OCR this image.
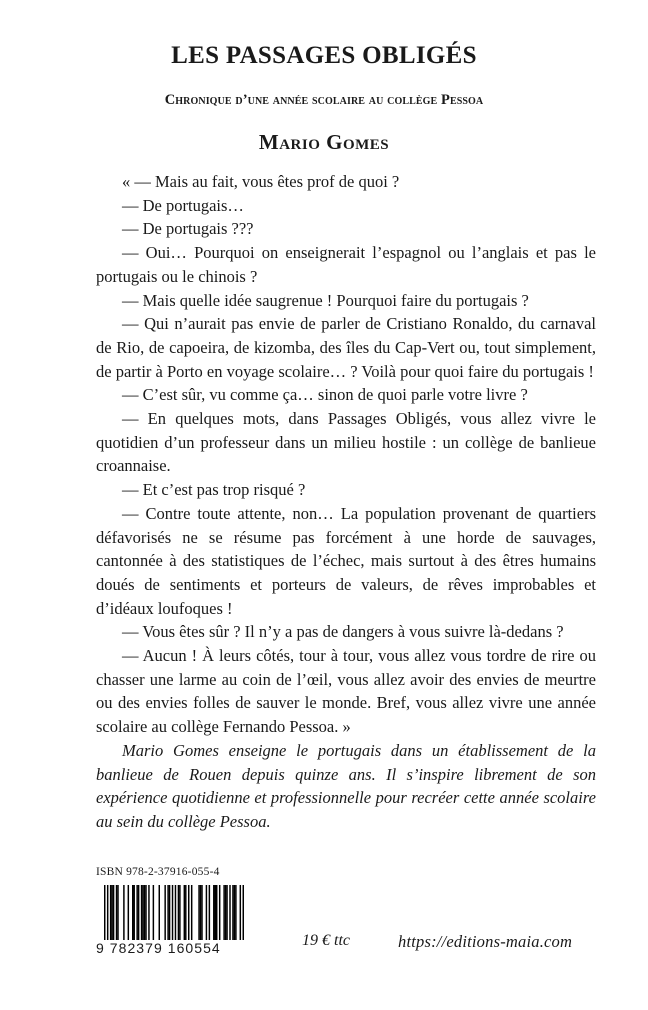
LES PASSAGES OBLIGÉS
Chronique d’une année scolaire au collège Pessoa
Mario Gomes

« — Mais au fait, vous êtes prof de quoi ?

— De portugais…

— De portugais ???

— Oui… Pourquoi on enseignerait l’espagnol ou l’anglais et pas le portugais ou le chinois ?

— Mais quelle idée saugrenue ! Pourquoi faire du portugais ?

— Qui n’aurait pas envie de parler de Cristiano Ronaldo, du carnaval de Rio, de capoeira, de kizomba, des îles du Cap-Vert ou, tout simplement, de partir à Porto en voyage scolaire… ? Voilà pour quoi faire du portugais !

— C’est sûr, vu comme ça… sinon de quoi parle votre livre ?

— En quelques mots, dans Passages Obligés, vous allez vivre le quotidien d’un professeur dans un milieu hostile : un collège de banlieue croannaise.

— Et c’est pas trop risqué ?

— Contre toute attente, non… La population provenant de quartiers défavorisés ne se résume pas forcément à une horde de sauvages, cantonnée à des statistiques de l’échec, mais surtout à des êtres humains doués de sentiments et porteurs de valeurs, de rêves improbables et d’idéaux loufoques !

— Vous êtes sûr ? Il n’y a pas de dangers à vous suivre là-dedans ?

— Aucun ! À leurs côtés, tour à tour, vous allez vous tordre de rire ou chasser une larme au coin de l’œil, vous allez avoir des envies de meurtre ou des envies folles de sauver le monde. Bref, vous allez vivre une année scolaire au collège Fernando Pessoa. »

Mario Gomes enseigne le portugais dans un établissement de la banlieue de Rouen depuis quinze ans. Il s’inspire librement de son expérience quotidienne et professionnelle pour recréer cette année scolaire au sein du collège Pessoa.

ISBN 978-2-37916-055-4
9 782379 160554	19 € ttc	https://editions-maia.com
